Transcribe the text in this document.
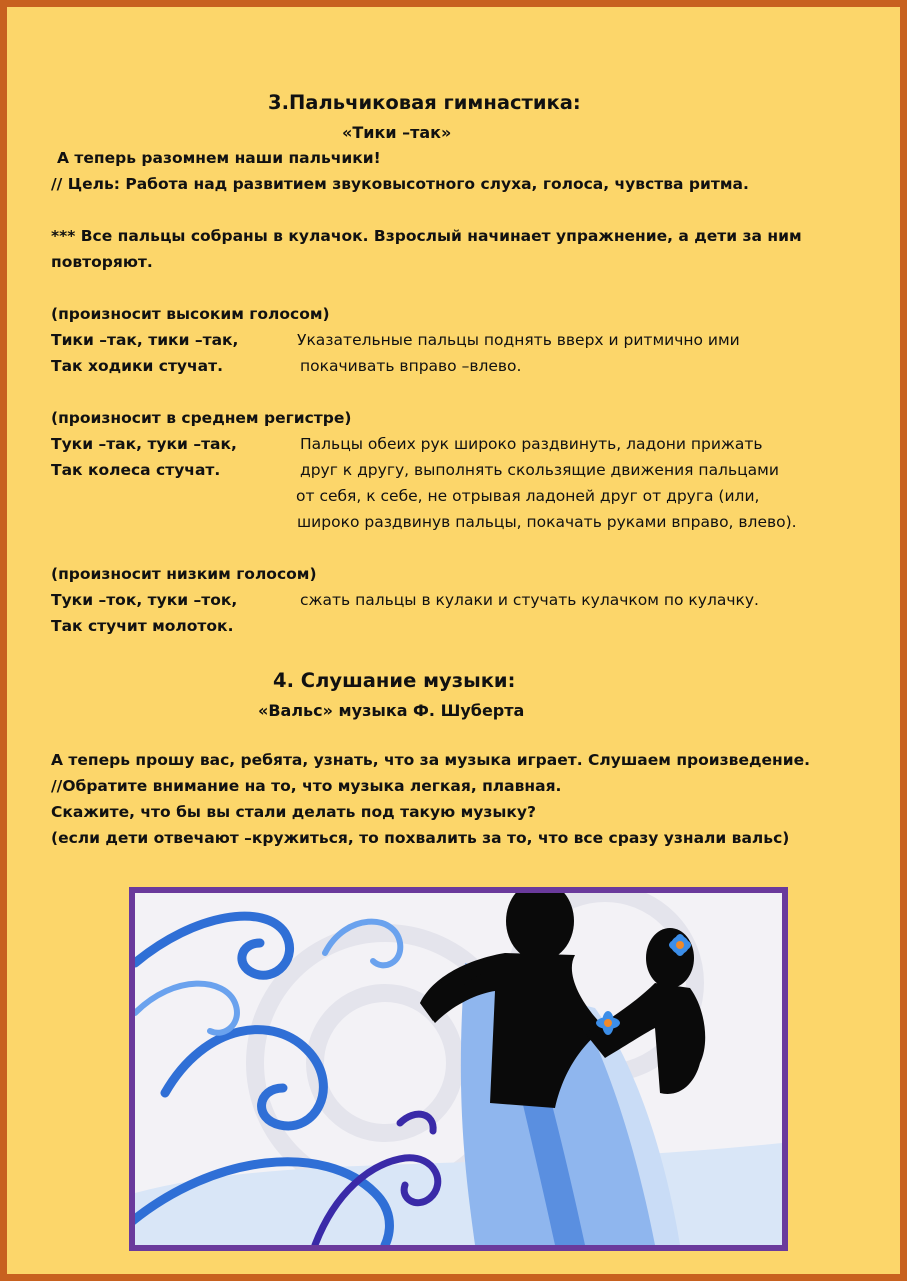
3.Пальчиковая гимнастика:
«Тики –так»
А теперь разомнем наши пальчики!
// Цель: Работа над развитием звуковысотного слуха, голоса, чувства ритма.
*** Все пальцы собраны в кулачок. Взрослый начинает упражнение, а дети за ним
повторяют.
(произносит высоким голосом)
Тики –так, тики –так,
Так ходики стучат.
Указательные пальцы поднять вверх и ритмично ими
покачивать вправо –влево.
(произносит в среднем регистре)
Туки –так, туки –так,
Так колеса стучат.
Пальцы обеих рук широко раздвинуть, ладони прижать
друг к другу, выполнять скользящие движения пальцами
от себя, к себе, не отрывая ладоней друг от друга (или,
широко раздвинув пальцы, покачать руками вправо, влево).
(произносит низким голосом)
Туки –ток, туки –ток,
Так стучит молоток.
сжать пальцы в кулаки и стучать кулачком по кулачку.
4. Слушание музыки:
«Вальс» музыка Ф. Шуберта
А теперь прошу вас, ребята, узнать, что за музыка играет. Слушаем произведение.
//Обратите внимание на то, что музыка легкая, плавная.
Скажите, что бы вы стали делать под такую музыку?
(если дети отвечают –кружиться, то похвалить за то, что все сразу узнали вальс)
